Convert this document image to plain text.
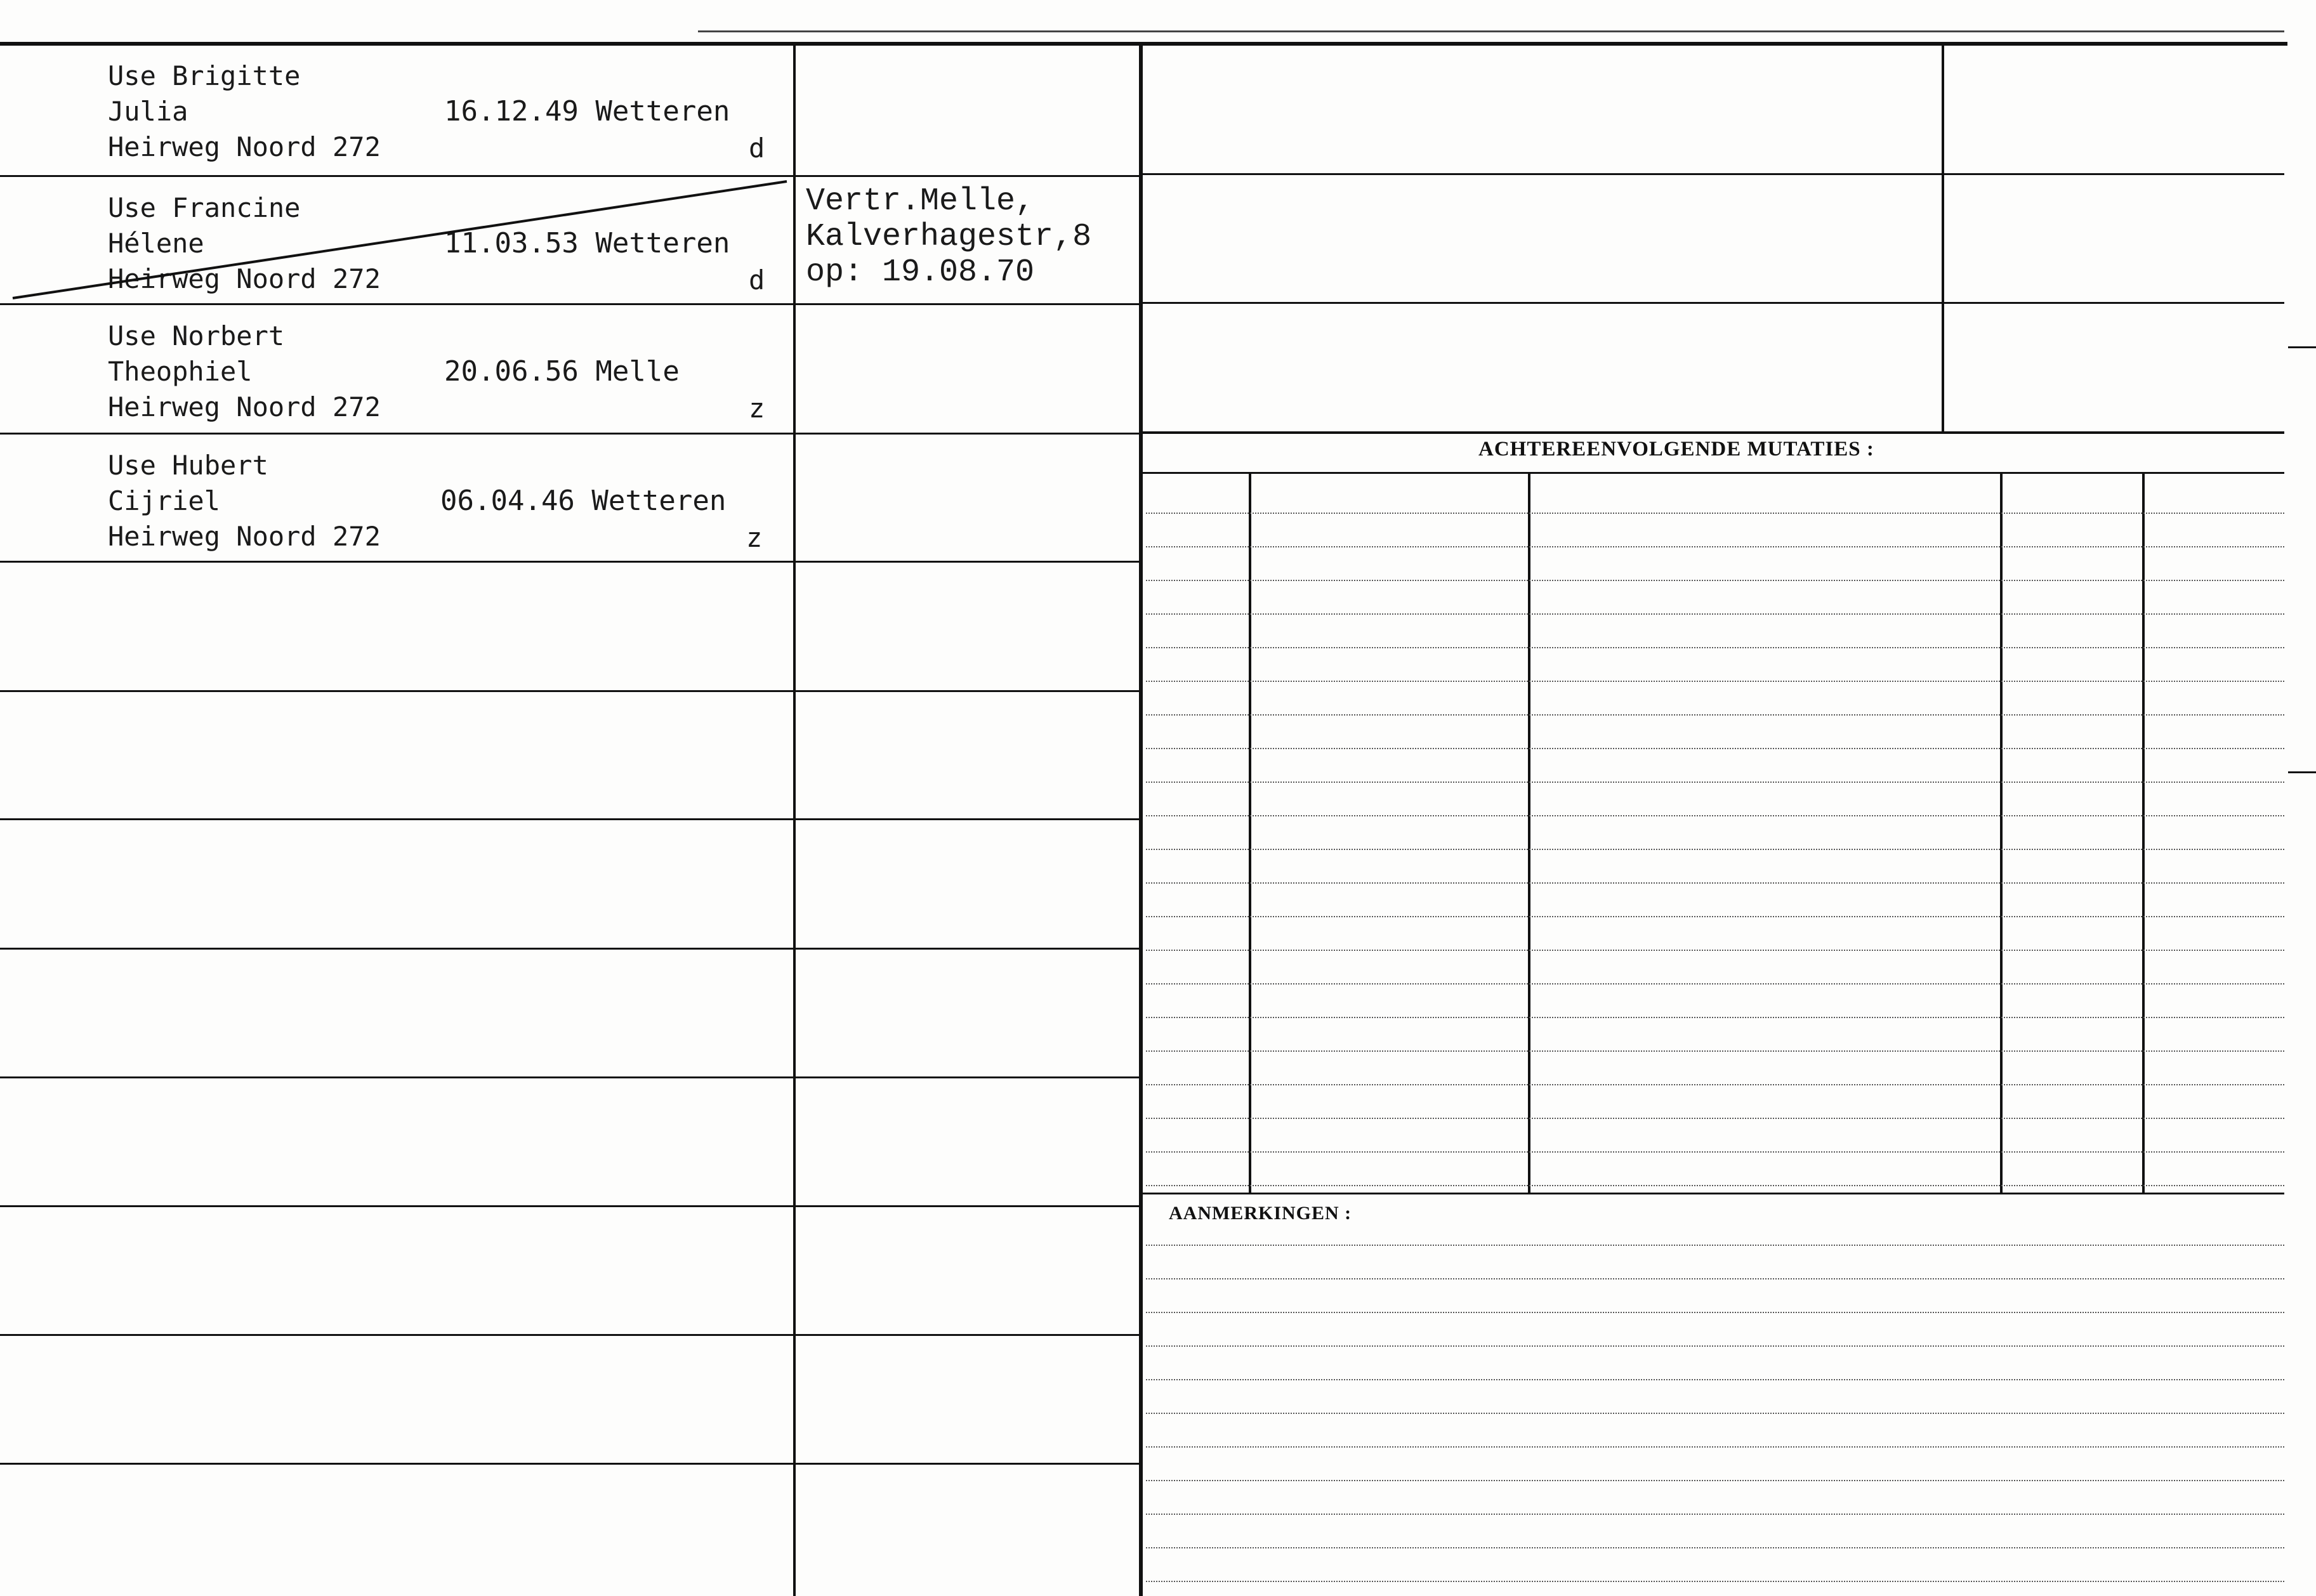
ACHTEREENVOLGENDE MUTATIES :
AANMERKINGEN :
Use Brigitte
Julia
Heirweg Noord 272
16.12.49 Wetteren
d
Use Francine
Hélene
Heirweg Noord 272
11.03.53 Wetteren
d
Use Norbert
Theophiel
Heirweg Noord 272
20.06.56 Melle
z
Use Hubert
Cijriel
Heirweg Noord 272
06.04.46 Wetteren
z
Vertr.Melle,
Kalverhagestr,8
op: 19.08.70
